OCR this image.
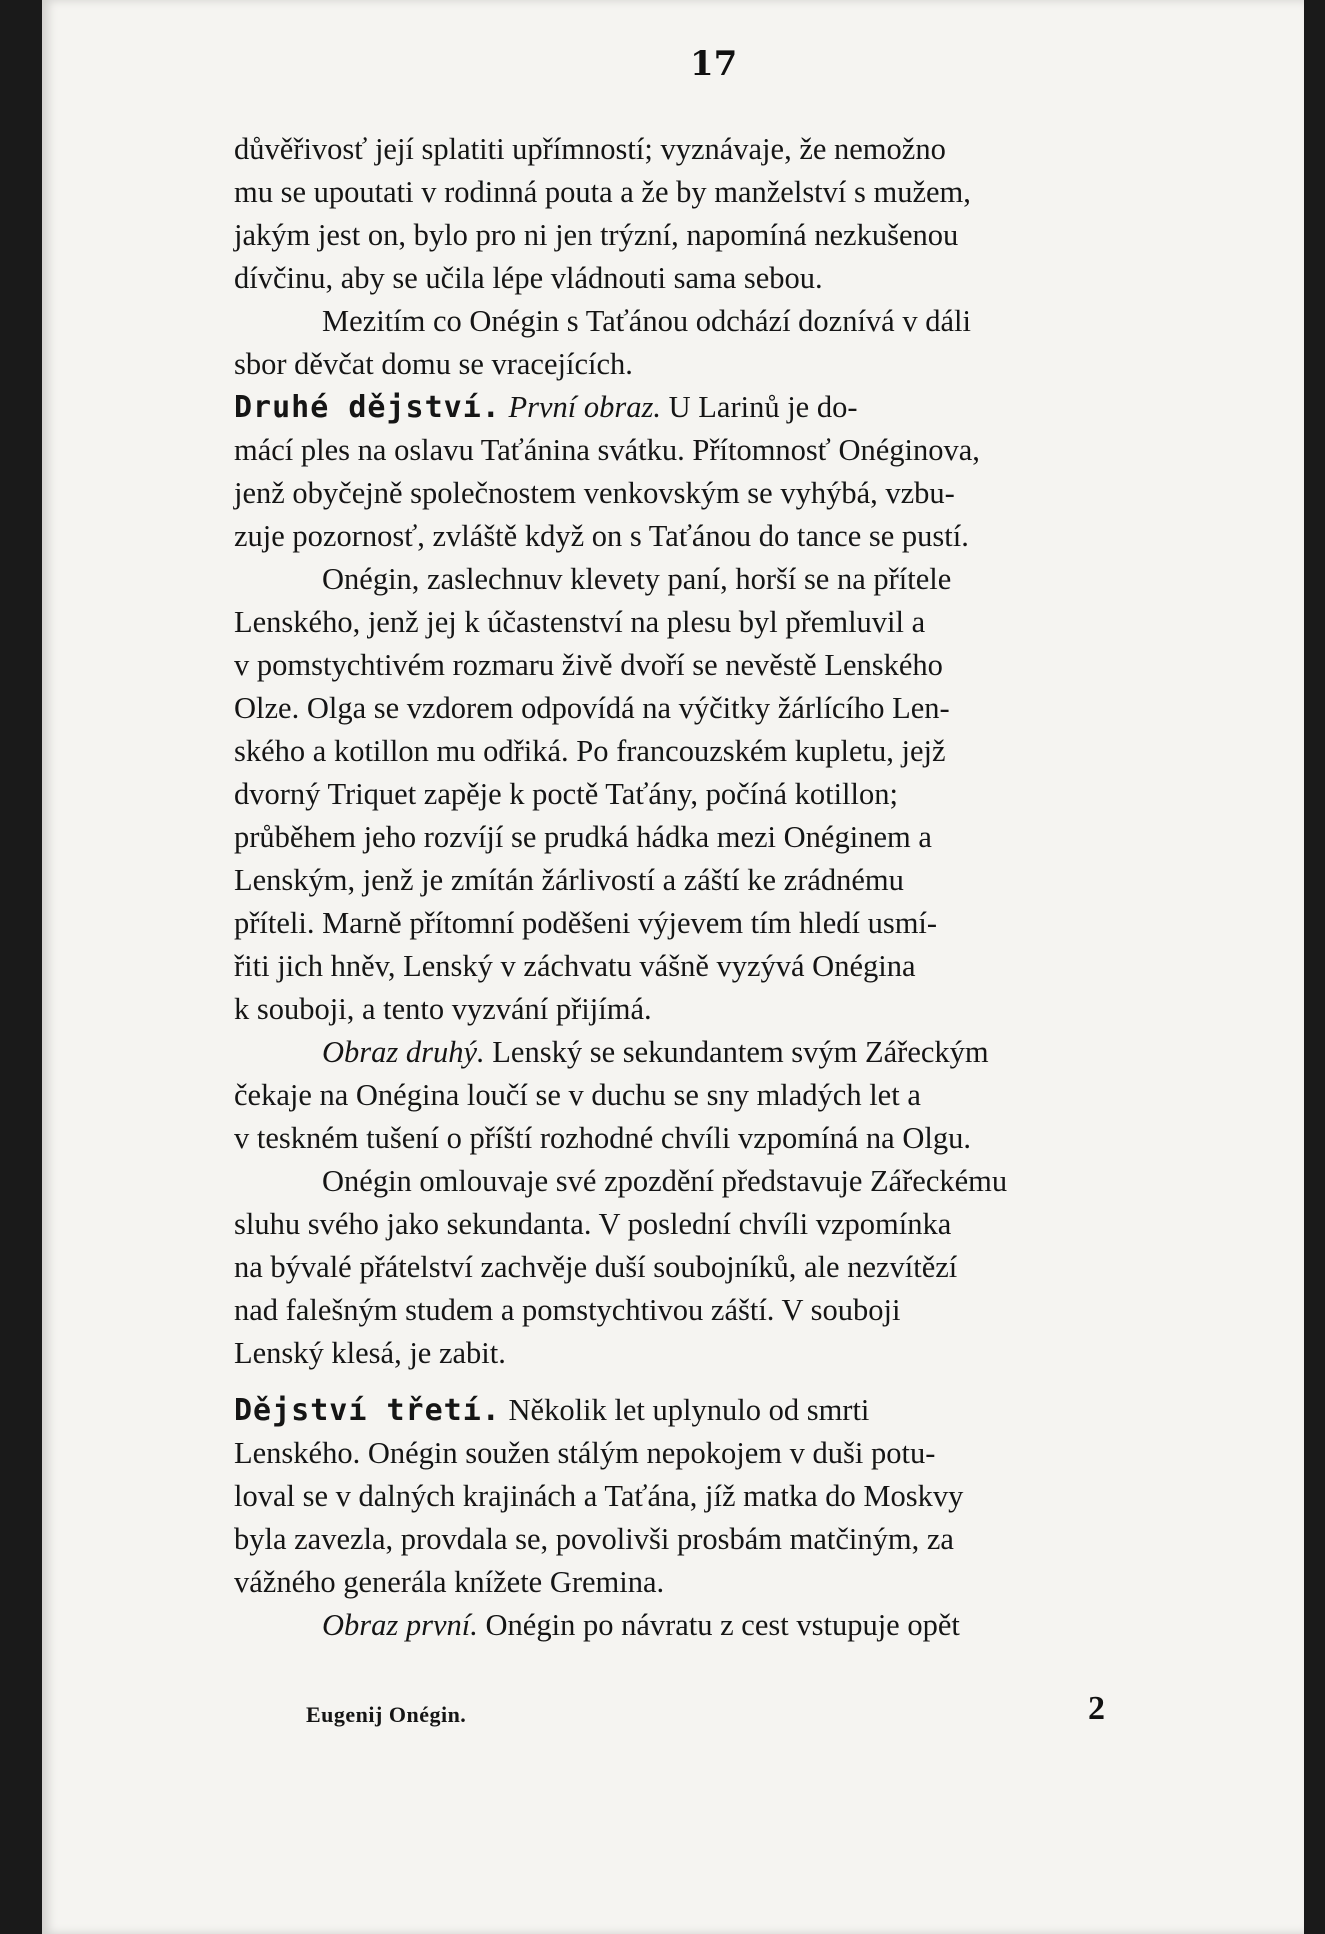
17

důvěřivosť její splatiti upřímností; vyznávaje, že nemožno

mu se upoutati v rodinná pouta a že by manželství s mužem,

jakým jest on, bylo pro ni jen trýzní, napomíná nezkušenou

dívčinu, aby se učila lépe vládnouti sama sebou.

Mezitím co Onégin s Taťánou odchází doznívá v dáli

sbor děvčat domu se vracejících.

Druhé dějství. První obraz. U Larinů je do-

mácí ples na oslavu Taťánina svátku. Přítomnosť Onéginova,

jenž obyčejně společnostem venkovským se vyhýbá, vzbu-

zuje pozornosť, zvláště když on s Taťánou do tance se pustí.

Onégin, zaslechnuv klevety paní, horší se na přítele

Lenského, jenž jej k účastenství na plesu byl přemluvil a

v pomstychtivém rozmaru živě dvoří se nevěstě Lenského

Olze. Olga se vzdorem odpovídá na výčitky žárlícího Len-

ského a kotillon mu odřiká. Po francouzském kupletu, jejž

dvorný Triquet zapěje k poctě Taťány, počíná kotillon;

průběhem jeho rozvíjí se prudká hádka mezi Onéginem a

Lenským, jenž je zmítán žárlivostí a záští ke zrádnému

příteli. Marně přítomní poděšeni výjevem tím hledí usmí-

řiti jich hněv, Lenský v záchvatu vášně vyzývá Onégina

k souboji, a tento vyzvání přijímá.

Obraz druhý. Lenský se sekundantem svým Zářeckým

čekaje na Onégina loučí se v duchu se sny mladých let a

v teskném tušení o příští rozhodné chvíli vzpomíná na Olgu.

Onégin omlouvaje své zpozdění představuje Zářeckému

sluhu svého jako sekundanta. V poslední chvíli vzpomínka

na bývalé přátelství zachvěje duší soubojníků, ale nezvítězí

nad falešným studem a pomstychtivou záští. V souboji

Lenský klesá, je zabit.

Dějství třetí. Několik let uplynulo od smrti

Lenského. Onégin soužen stálým nepokojem v duši potu-

loval se v dalných krajinách a Taťána, jíž matka do Moskvy

byla zavezla, provdala se, povolivši prosbám matčiným, za

vážného generála knížete Gremina.

Obraz první. Onégin po návratu z cest vstupuje opět

Eugenij Onégin.	2
